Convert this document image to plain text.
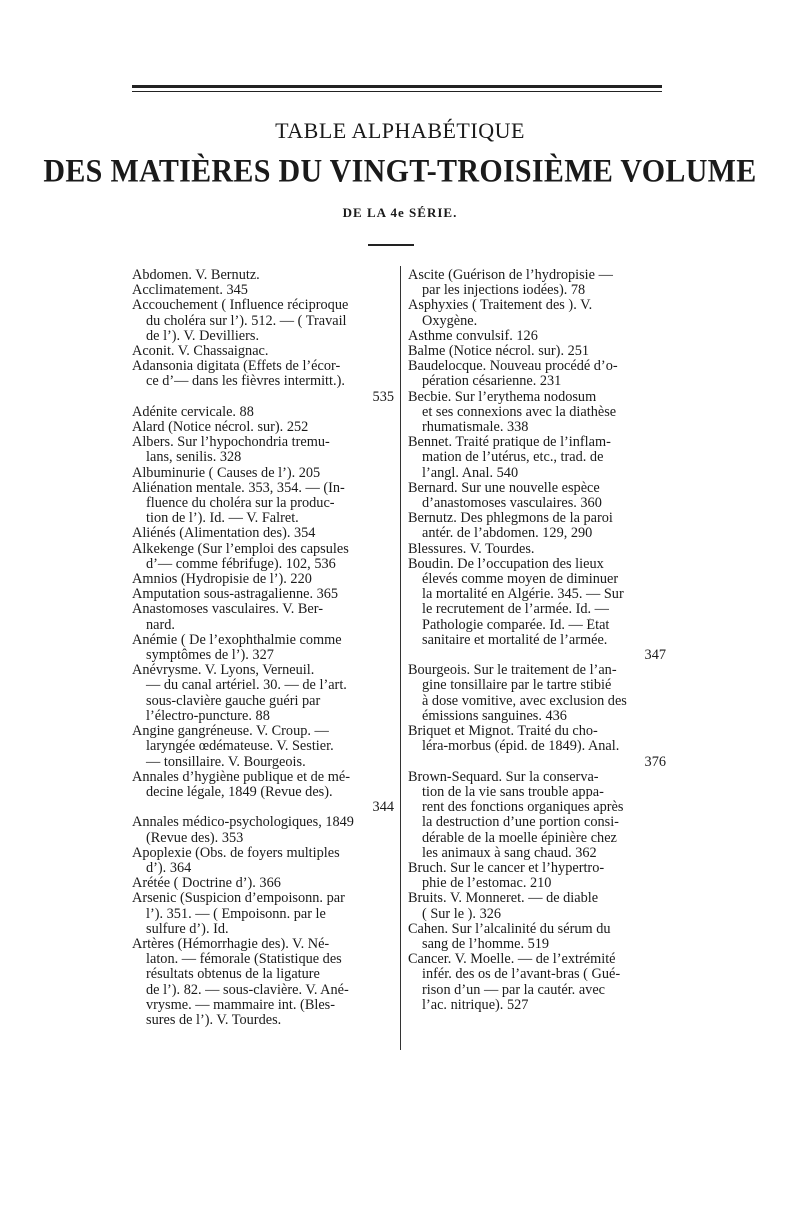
TABLE ALPHABÉTIQUE
DES MATIÈRES DU VINGT-TROISIÈME VOLUME
DE LA 4e SÉRIE.
Abdomen. V. Bernutz.
Acclimatement. 345
Accouchement ( Influence réciproque
du choléra sur l’). 512. — ( Travail
de l’). V. Devilliers.
Aconit. V. Chassaignac.
Adansonia digitata (Effets de l’écor-
ce d’— dans les fièvres intermitt.).
535
Adénite cervicale. 88
Alard (Notice nécrol. sur). 252
Albers. Sur l’hypochondria tremu-
lans, senilis. 328
Albuminurie ( Causes de l’). 205
Aliénation mentale. 353, 354. — (In-
fluence du choléra sur la produc-
tion de l’). Id. — V. Falret.
Aliénés (Alimentation des). 354
Alkekenge (Sur l’emploi des capsules
d’— comme fébrifuge). 102, 536
Amnios (Hydropisie de l’). 220
Amputation sous-astragalienne. 365
Anastomoses vasculaires. V. Ber-
nard.
Anémie ( De l’exophthalmie comme
symptômes de l’). 327
Anévrysme. V. Lyons, Verneuil.
— du canal artériel. 30. — de l’art.
sous-clavière gauche guéri par
l’électro-puncture. 88
Angine gangréneuse. V. Croup. —
laryngée œdémateuse. V. Sestier.
— tonsillaire. V. Bourgeois.
Annales d’hygiène publique et de mé-
decine légale, 1849 (Revue des).
344
Annales médico-psychologiques, 1849
(Revue des). 353
Apoplexie (Obs. de foyers multiples
d’). 364
Arétée ( Doctrine d’). 366
Arsenic (Suspicion d’empoisonn. par
l’). 351. — ( Empoisonn. par le
sulfure d’). Id.
Artères (Hémorrhagie des). V. Né-
laton. — fémorale (Statistique des
résultats obtenus de la ligature
de l’). 82. — sous-clavière. V. Ané-
vrysme. — mammaire int. (Bles-
sures de l’). V. Tourdes.
Ascite (Guérison de l’hydropisie —
par les injections iodées). 78
Asphyxies ( Traitement des ). V.
Oxygène.
Asthme convulsif. 126
Balme (Notice nécrol. sur). 251
Baudelocque. Nouveau procédé d’o-
pération césarienne. 231
Becbie. Sur l’erythema nodosum
et ses connexions avec la diathèse
rhumatismale. 338
Bennet. Traité pratique de l’inflam-
mation de l’utérus, etc., trad. de
l’angl. Anal. 540
Bernard. Sur une nouvelle espèce
d’anastomoses vasculaires. 360
Bernutz. Des phlegmons de la paroi
antér. de l’abdomen. 129, 290
Blessures. V. Tourdes.
Boudin. De l’occupation des lieux
élevés comme moyen de diminuer
la mortalité en Algérie. 345. — Sur
le recrutement de l’armée. Id. —
Pathologie comparée. Id. — État
sanitaire et mortalité de l’armée.
347
Bourgeois. Sur le traitement de l’an-
gine tonsillaire par le tartre stibié
à dose vomitive, avec exclusion des
émissions sanguines. 436
Briquet et Mignot. Traité du cho-
léra-morbus (épid. de 1849). Anal.
376
Brown-Sequard. Sur la conserva-
tion de la vie sans trouble appa-
rent des fonctions organiques après
la destruction d’une portion consi-
dérable de la moelle épinière chez
les animaux à sang chaud. 362
Bruch. Sur le cancer et l’hypertro-
phie de l’estomac. 210
Bruits. V. Monneret. — de diable
( Sur le ). 326
Cahen. Sur l’alcalinité du sérum du
sang de l’homme. 519
Cancer. V. Moelle. — de l’extrémité
infér. des os de l’avant-bras ( Gué-
rison d’un — par la cautér. avec
l’ac. nitrique). 527
